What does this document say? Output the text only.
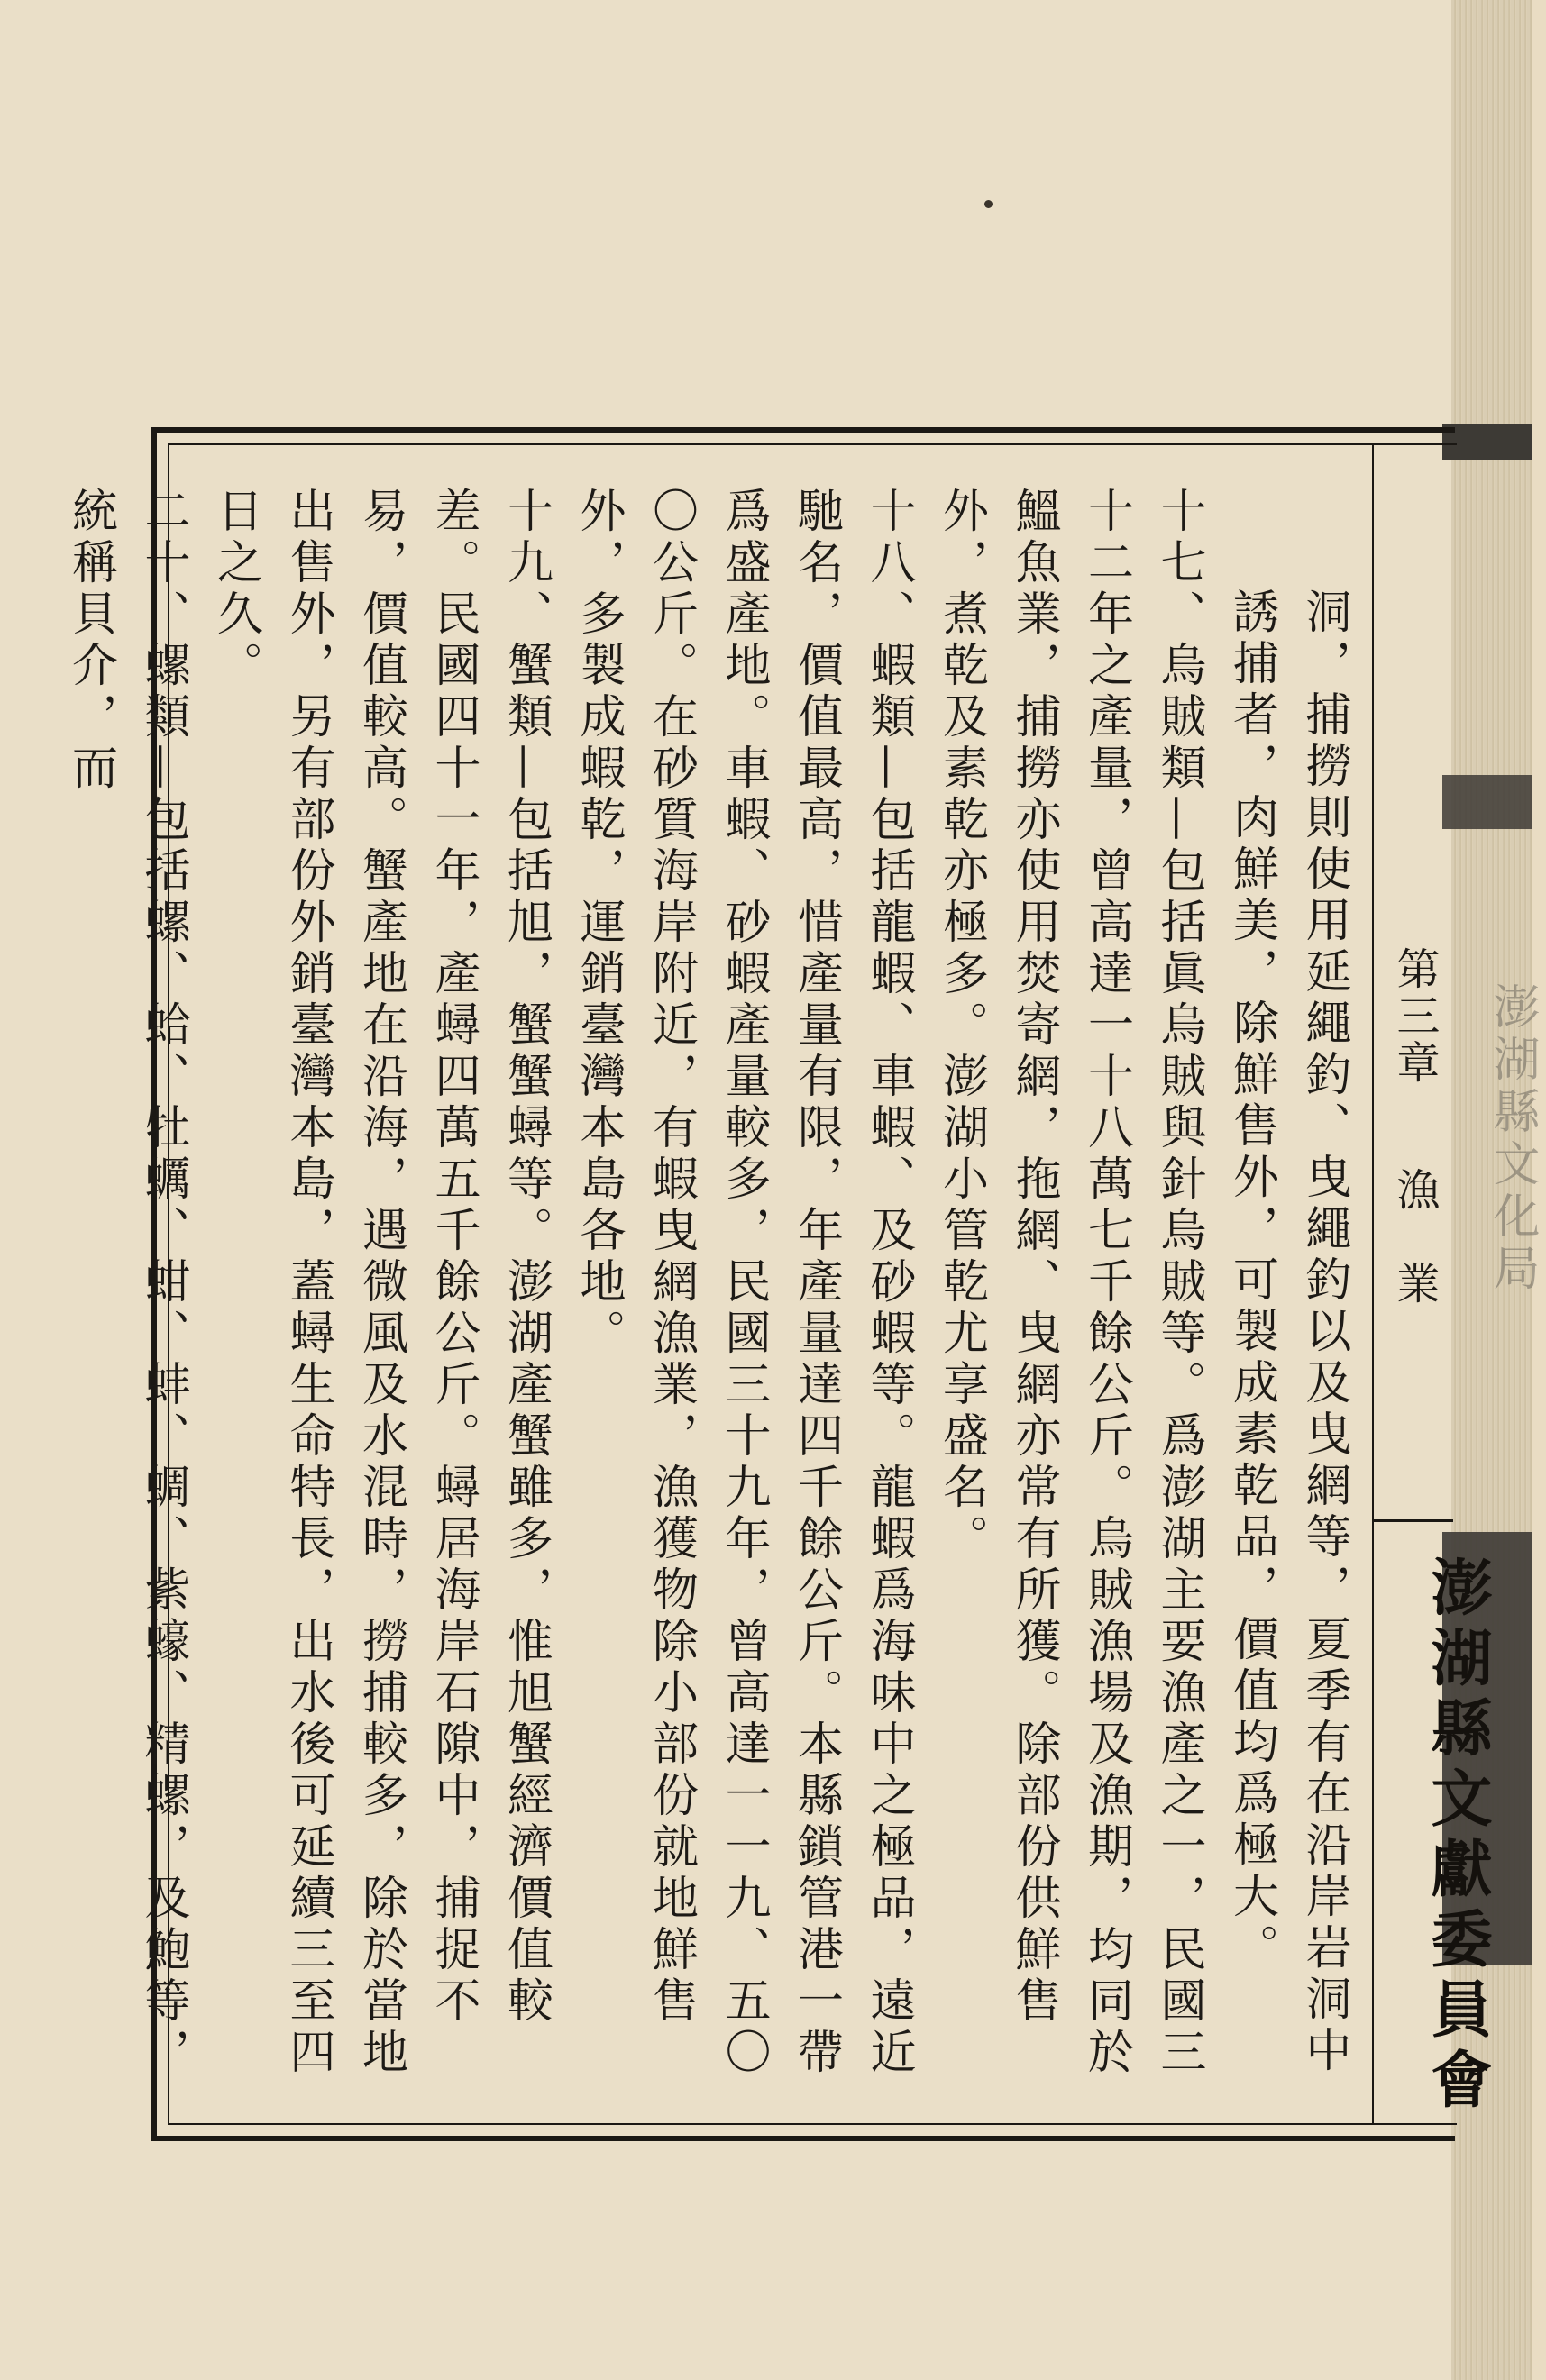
澎湖縣文化局
第三章 漁　業
澎湖縣文獻委員會

洞，捕撈則使用延繩釣、曳繩釣以及曳網等，夏季有在沿岸岩洞中誘捕者，肉鮮美，除鮮售外，可製成素乾品，價值均爲極大。

十七、烏賊類—包括眞烏賊與針烏賊等。爲澎湖主要漁產之一，民國三十二年之產量，曾高達一十八萬七千餘公斤。烏賊漁場及漁期，均同於鰮魚業，捕撈亦使用焚寄網，拖網、曳網亦常有所獲。除部份供鮮售外，煮乾及素乾亦極多。澎湖小管乾尤享盛名。

十八、蝦類—包括龍蝦、車蝦、及砂蝦等。龍蝦爲海味中之極品，遠近馳名，價值最高，惜產量有限，年產量達四千餘公斤。本縣鎖管港一帶爲盛產地。車蝦、砂蝦產量較多，民國三十九年，曾高達一一九、五〇〇公斤。在砂質海岸附近，有蝦曳網漁業，漁獲物除小部份就地鮮售外，多製成蝦乾，運銷臺灣本島各地。

十九、蟹類—包括旭，蟹蟹蟳等。澎湖產蟹雖多，惟旭蟹經濟價值較差。民國四十一年，產蟳四萬五千餘公斤。蟳居海岸石隙中，捕捉不易，價值較高。蟹產地在沿海，遇微風及水混時，撈捕較多，除於當地出售外，另有部份外銷臺灣本島，蓋蟳生命特長，出水後可延續三至四日之久。

二十、螺類—包括螺、蛤、牡蠣、蚶、蚌、蜩、紫蠔、精螺，及鮑等，統稱貝介，而
